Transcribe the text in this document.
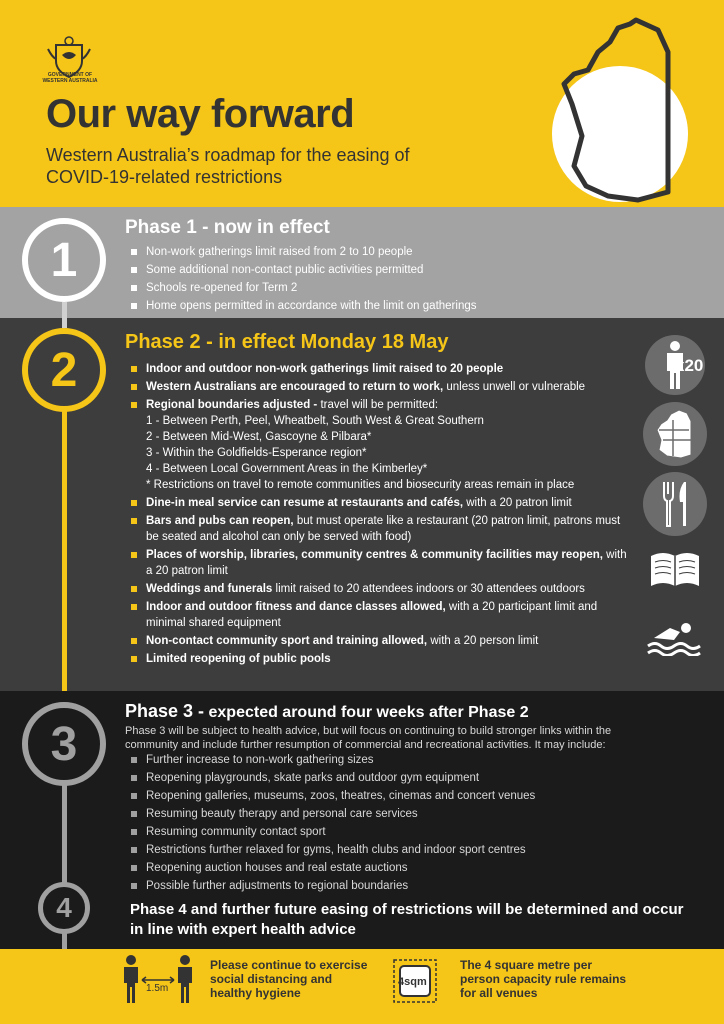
GOVERNMENT OF WESTERN AUSTRALIA
Our way forward
Western Australia’s roadmap for the easing of COVID-19-related restrictions
1
Phase 1 - now in effect
Non-work gatherings limit raised from 2 to 10 people
Some additional non-contact public activities permitted
Schools re-opened for Term 2
Home opens permitted in accordance with the limit on gatherings
2
Phase 2 - in effect Monday 18 May
Indoor and outdoor non-work gatherings limit raised to 20 people
Western Australians are encouraged to return to work, unless unwell or vulnerable
Regional boundaries adjusted - travel will be permitted:
1 - Between Perth, Peel, Wheatbelt, South West & Great Southern
2 - Between Mid-West, Gascoyne & Pilbara*
3 - Within the Goldfields-Esperance region*
4 - Between Local Government Areas in the Kimberley*
* Restrictions on travel to remote communities and biosecurity areas remain in place
Dine-in meal service can resume at restaurants and cafés, with a 20 patron limit
Bars and pubs can reopen, but must operate like a restaurant (20 patron limit, patrons must be seated and alcohol can only be served with food)
Places of worship, libraries, community centres & community facilities may reopen, with a 20 patron limit
Weddings and funerals limit raised to 20 attendees indoors or 30 attendees outdoors
Indoor and outdoor fitness and dance classes allowed, with a 20 participant limit and minimal shared equipment
Non-contact community sport and training allowed, with a 20 person limit
Limited reopening of public pools
x20
3
Phase 3 - expected around four weeks after Phase 2
Phase 3 will be subject to health advice, but will focus on continuing to build stronger links within the community and include further resumption of commercial and recreational activities. It may include:
Further increase to non-work gathering sizes
Reopening playgrounds, skate parks and outdoor gym equipment
Reopening galleries, museums, zoos, theatres, cinemas and concert venues
Resuming beauty therapy and personal care services
Resuming community contact sport
Restrictions further relaxed for gyms, health clubs and indoor sport centres
Reopening auction houses and real estate auctions
Possible further adjustments to regional boundaries
4	Phase 4 and further future easing of restrictions will be determined and occur in line with expert health advice
1.5m
Please continue to exercise social distancing and healthy hygiene
4sqm
The 4 square metre per person capacity rule remains for all venues
